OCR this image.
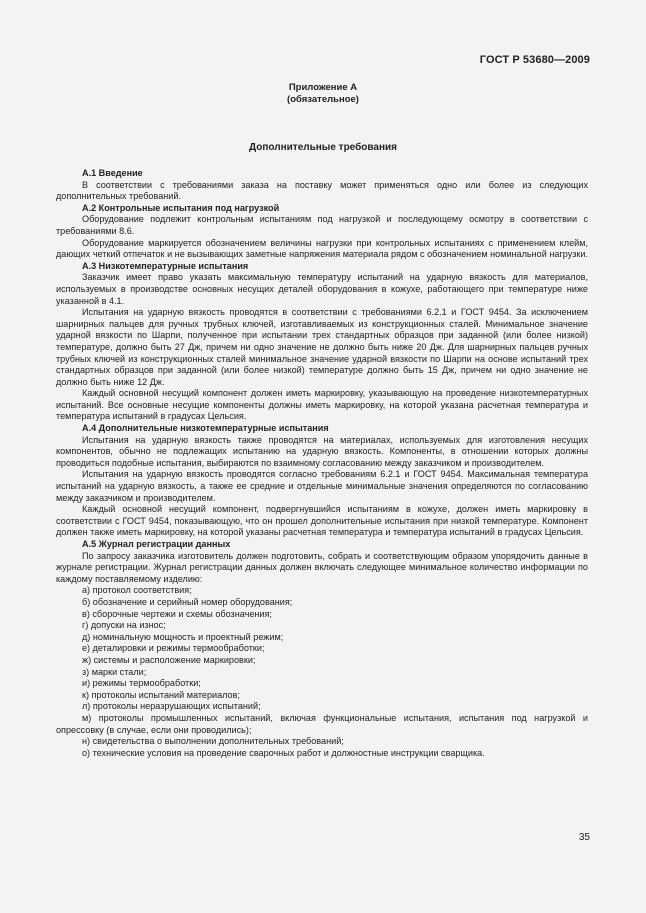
ГОСТ Р 53680—2009
Приложение А
(обязательное)
Дополнительные требования
А.1 Введение

В соответствии с требованиями заказа на поставку может применяться одно или более из следующих дополнительных требований.

А.2 Контрольные испытания под нагрузкой

Оборудование подлежит контрольным испытаниям под нагрузкой и последующему осмотру в соответствии с требованиями 8.6.

Оборудование маркируется обозначением величины нагрузки при контрольных испытаниях с применением клейм, дающих четкий отпечаток и не вызывающих заметные напряжения материала рядом с обозначением номинальной нагрузки.

А.3 Низкотемпературные испытания

Заказчик имеет право указать максимальную температуру испытаний на ударную вязкость для материалов, используемых в производстве основных несущих деталей оборудования в кожухе, работающего при температуре ниже указанной в 4.1.

Испытания на ударную вязкость проводятся в соответствии с требованиями 6.2.1 и ГОСТ 9454. За исключением шарнирных пальцев для ручных трубных ключей, изготавливаемых из конструкционных сталей. Минимальное значение ударной вязкости по Шарпи, полученное при испытании трех стандартных образцов при заданной (или более низкой) температуре, должно быть 27 Дж, причем ни одно значение не должно быть ниже 20 Дж. Для шарнирных пальцев ручных трубных ключей из конструкционных сталей минимальное значение ударной вязкости по Шарпи на основе испытаний трех стандартных образцов при заданной (или более низкой) температуре должно быть 15 Дж, причем ни одно значение не должно быть ниже 12 Дж.

Каждый основной несущий компонент должен иметь маркировку, указывающую на проведение низкотемпературных испытаний. Все основные несущие компоненты должны иметь маркировку, на которой указана расчетная температура и температура испытаний в градусах Цельсия.

А.4 Дополнительные низкотемпературные испытания

Испытания на ударную вязкость также проводятся на материалах, используемых для изготовления несущих компонентов, обычно не подлежащих испытанию на ударную вязкость. Компоненты, в отношении которых должны проводиться подобные испытания, выбираются по взаимному согласованию между заказчиком и производителем.

Испытания на ударную вязкость проводятся согласно требованиям 6.2.1 и ГОСТ 9454. Максимальная температура испытаний на ударную вязкость, а также ее средние и отдельные минимальные значения определяются по согласованию между заказчиком и производителем.

Каждый основной несущий компонент, подвергнувшийся испытаниям в кожухе, должен иметь маркировку в соответствии с ГОСТ 9454, показывающую, что он прошел дополнительные испытания при низкой температуре. Компонент должен также иметь маркировку, на которой указаны расчетная температура и температура испытаний в градусах Цельсия.

А.5 Журнал регистрации данных

По запросу заказчика изготовитель должен подготовить, собрать и соответствующим образом упорядочить данные в журнале регистрации. Журнал регистрации данных должен включать следующее минимальное количество информации по каждому поставляемому изделию:

а) протокол соответствия;
б) обозначение и серийный номер оборудования;
в) сборочные чертежи и схемы обозначения;
г) допуски на износ;
д) номинальную мощность и проектный режим;
е) деталировки и режимы термообработки;
ж) системы и расположение маркировки;
з) марки стали;
и) режимы термообработки;
к) протоколы испытаний материалов;
л) протоколы неразрушающих испытаний;
м) протоколы промышленных испытаний, включая функциональные испытания, испытания под нагрузкой и опрессовку (в случае, если они проводились);
н) свидетельства о выполнении дополнительных требований;
о) технические условия на проведение сварочных работ и должностные инструкции сварщика.
35
